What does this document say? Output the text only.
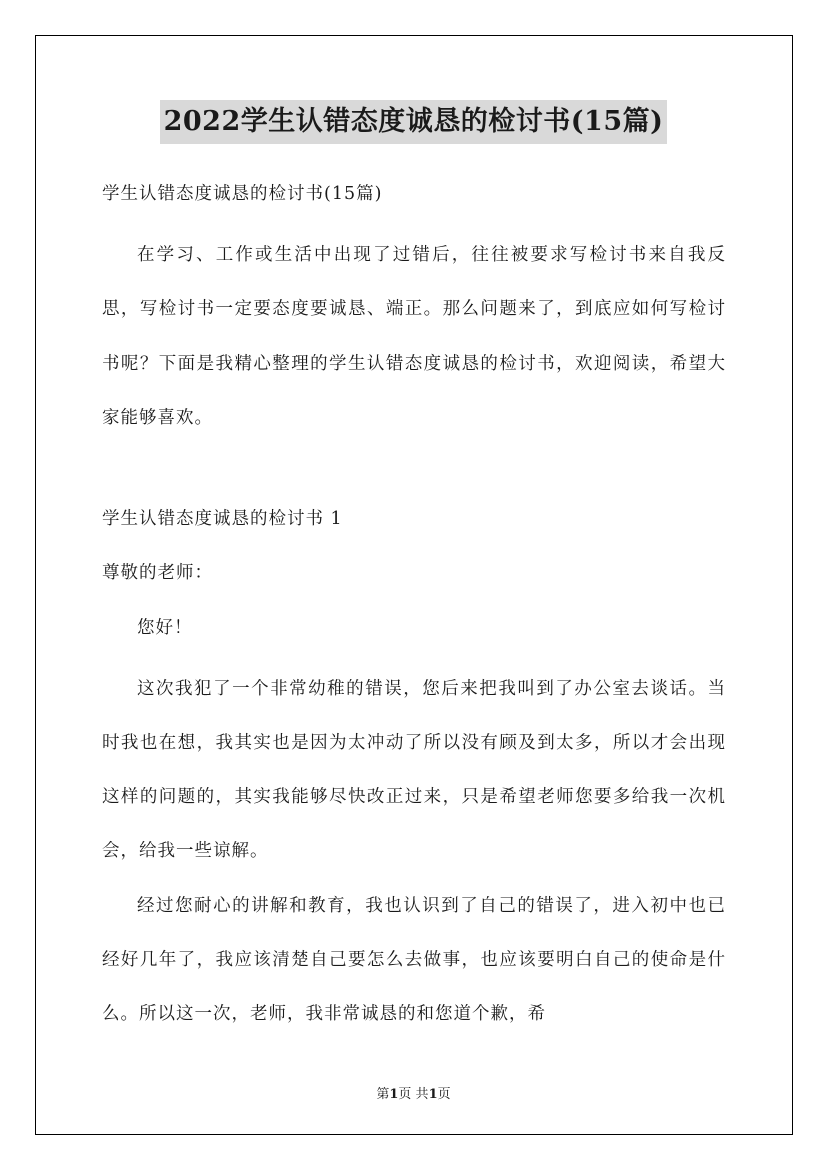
2022学生认错态度诚恳的检讨书(15篇)
学生认错态度诚恳的检讨书(15篇)

在学习、工作或生活中出现了过错后，往往被要求写检讨书来自我反思，写检讨书一定要态度要诚恳、端正。那么问题来了，到底应如何写检讨书呢？下面是我精心整理的学生认错态度诚恳的检讨书，欢迎阅读，希望大家能够喜欢。

学生认错态度诚恳的检讨书 1
尊敬的老师：
您好！

这次我犯了一个非常幼稚的错误，您后来把我叫到了办公室去谈话。当时我也在想，我其实也是因为太冲动了所以没有顾及到太多，所以才会出现这样的问题的，其实我能够尽快改正过来，只是希望老师您要多给我一次机会，给我一些谅解。

经过您耐心的讲解和教育，我也认识到了自己的错误了，进入初中也已经好几年了，我应该清楚自己要怎么去做事，也应该要明白自己的使命是什么。所以这一次，老师，我非常诚恳的和您道个歉，希

第1页 共1页
